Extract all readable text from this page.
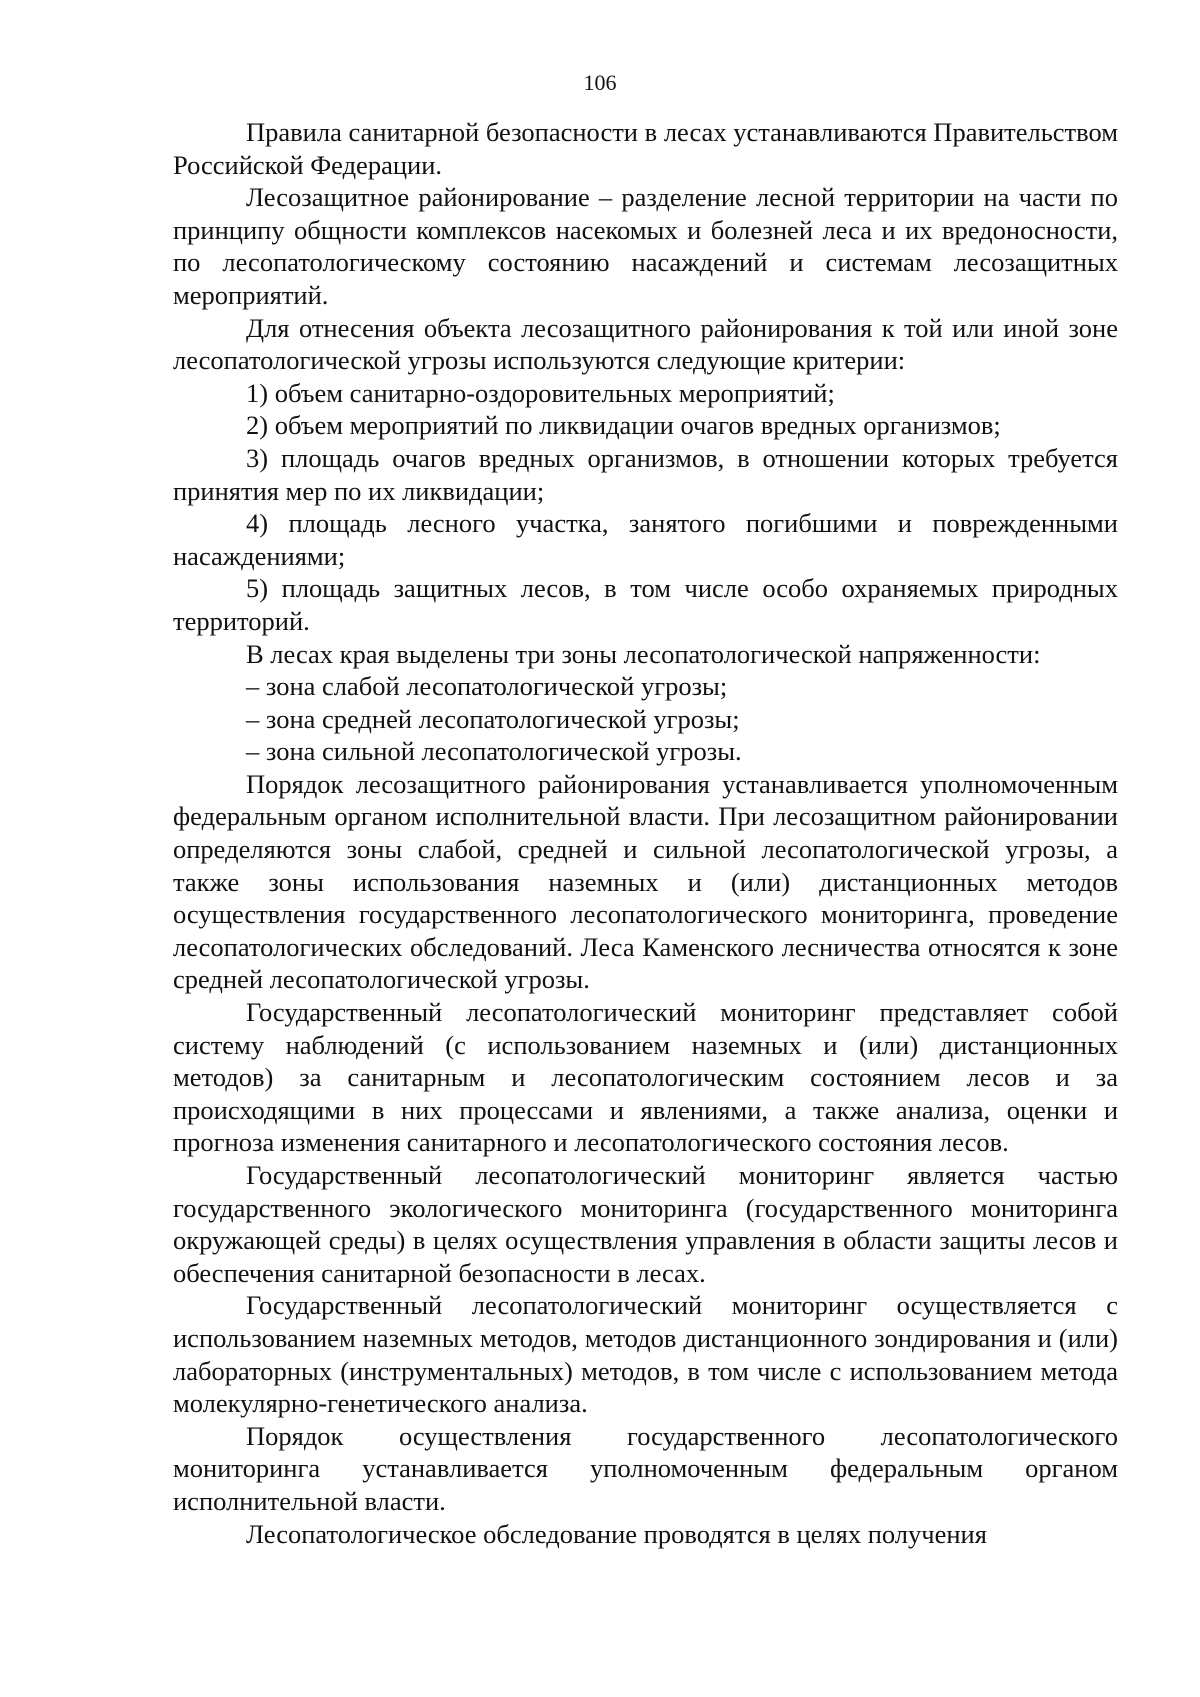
106

Правила санитарной безопасности в лесах устанавливаются Правительством Российской Федерации.

Лесозащитное районирование – разделение лесной территории на части по принципу общности комплексов насекомых и болезней леса и их вредоносности, по лесопатологическому состоянию насаждений и системам лесозащитных мероприятий.

Для отнесения объекта лесозащитного районирования к той или иной зоне лесопатологической угрозы используются следующие критерии:

1) объем санитарно-оздоровительных мероприятий;

2) объем мероприятий по ликвидации очагов вредных организмов;

3) площадь очагов вредных организмов, в отношении которых требуется принятия мер по их ликвидации;

4) площадь лесного участка, занятого погибшими и поврежденными насаждениями;

5) площадь защитных лесов, в том числе особо охраняемых природных территорий.

В лесах края выделены три зоны лесопатологической напряженности:

– зона слабой лесопатологической угрозы;

– зона средней лесопатологической угрозы;

– зона сильной лесопатологической угрозы.

Порядок лесозащитного районирования устанавливается уполномоченным федеральным органом исполнительной власти. При лесозащитном районировании определяются зоны слабой, средней и сильной лесопатологической угрозы, а также зоны использования наземных и (или) дистанционных методов осуществления государственного лесопатологического мониторинга, проведение лесопатологических обследований. Леса Каменского лесничества относятся к зоне средней лесопатологической угрозы.

Государственный лесопатологический мониторинг представляет собой систему наблюдений (с использованием наземных и (или) дистанционных методов) за санитарным и лесопатологическим состоянием лесов и за происходящими в них процессами и явлениями, а также анализа, оценки и прогноза изменения санитарного и лесопатологического состояния лесов.

Государственный лесопатологический мониторинг является частью государственного экологического мониторинга (государственного мониторинга окружающей среды) в целях осуществления управления в области защиты лесов и обеспечения санитарной безопасности в лесах.

Государственный лесопатологический мониторинг осуществляется с использованием наземных методов, методов дистанционного зондирования и (или) лабораторных (инструментальных) методов, в том числе с использованием метода молекулярно-генетического анализа.

Порядок осуществления государственного лесопатологического мониторинга устанавливается уполномоченным федеральным органом исполнительной власти.

Лесопатологическое обследование проводятся в целях получения
